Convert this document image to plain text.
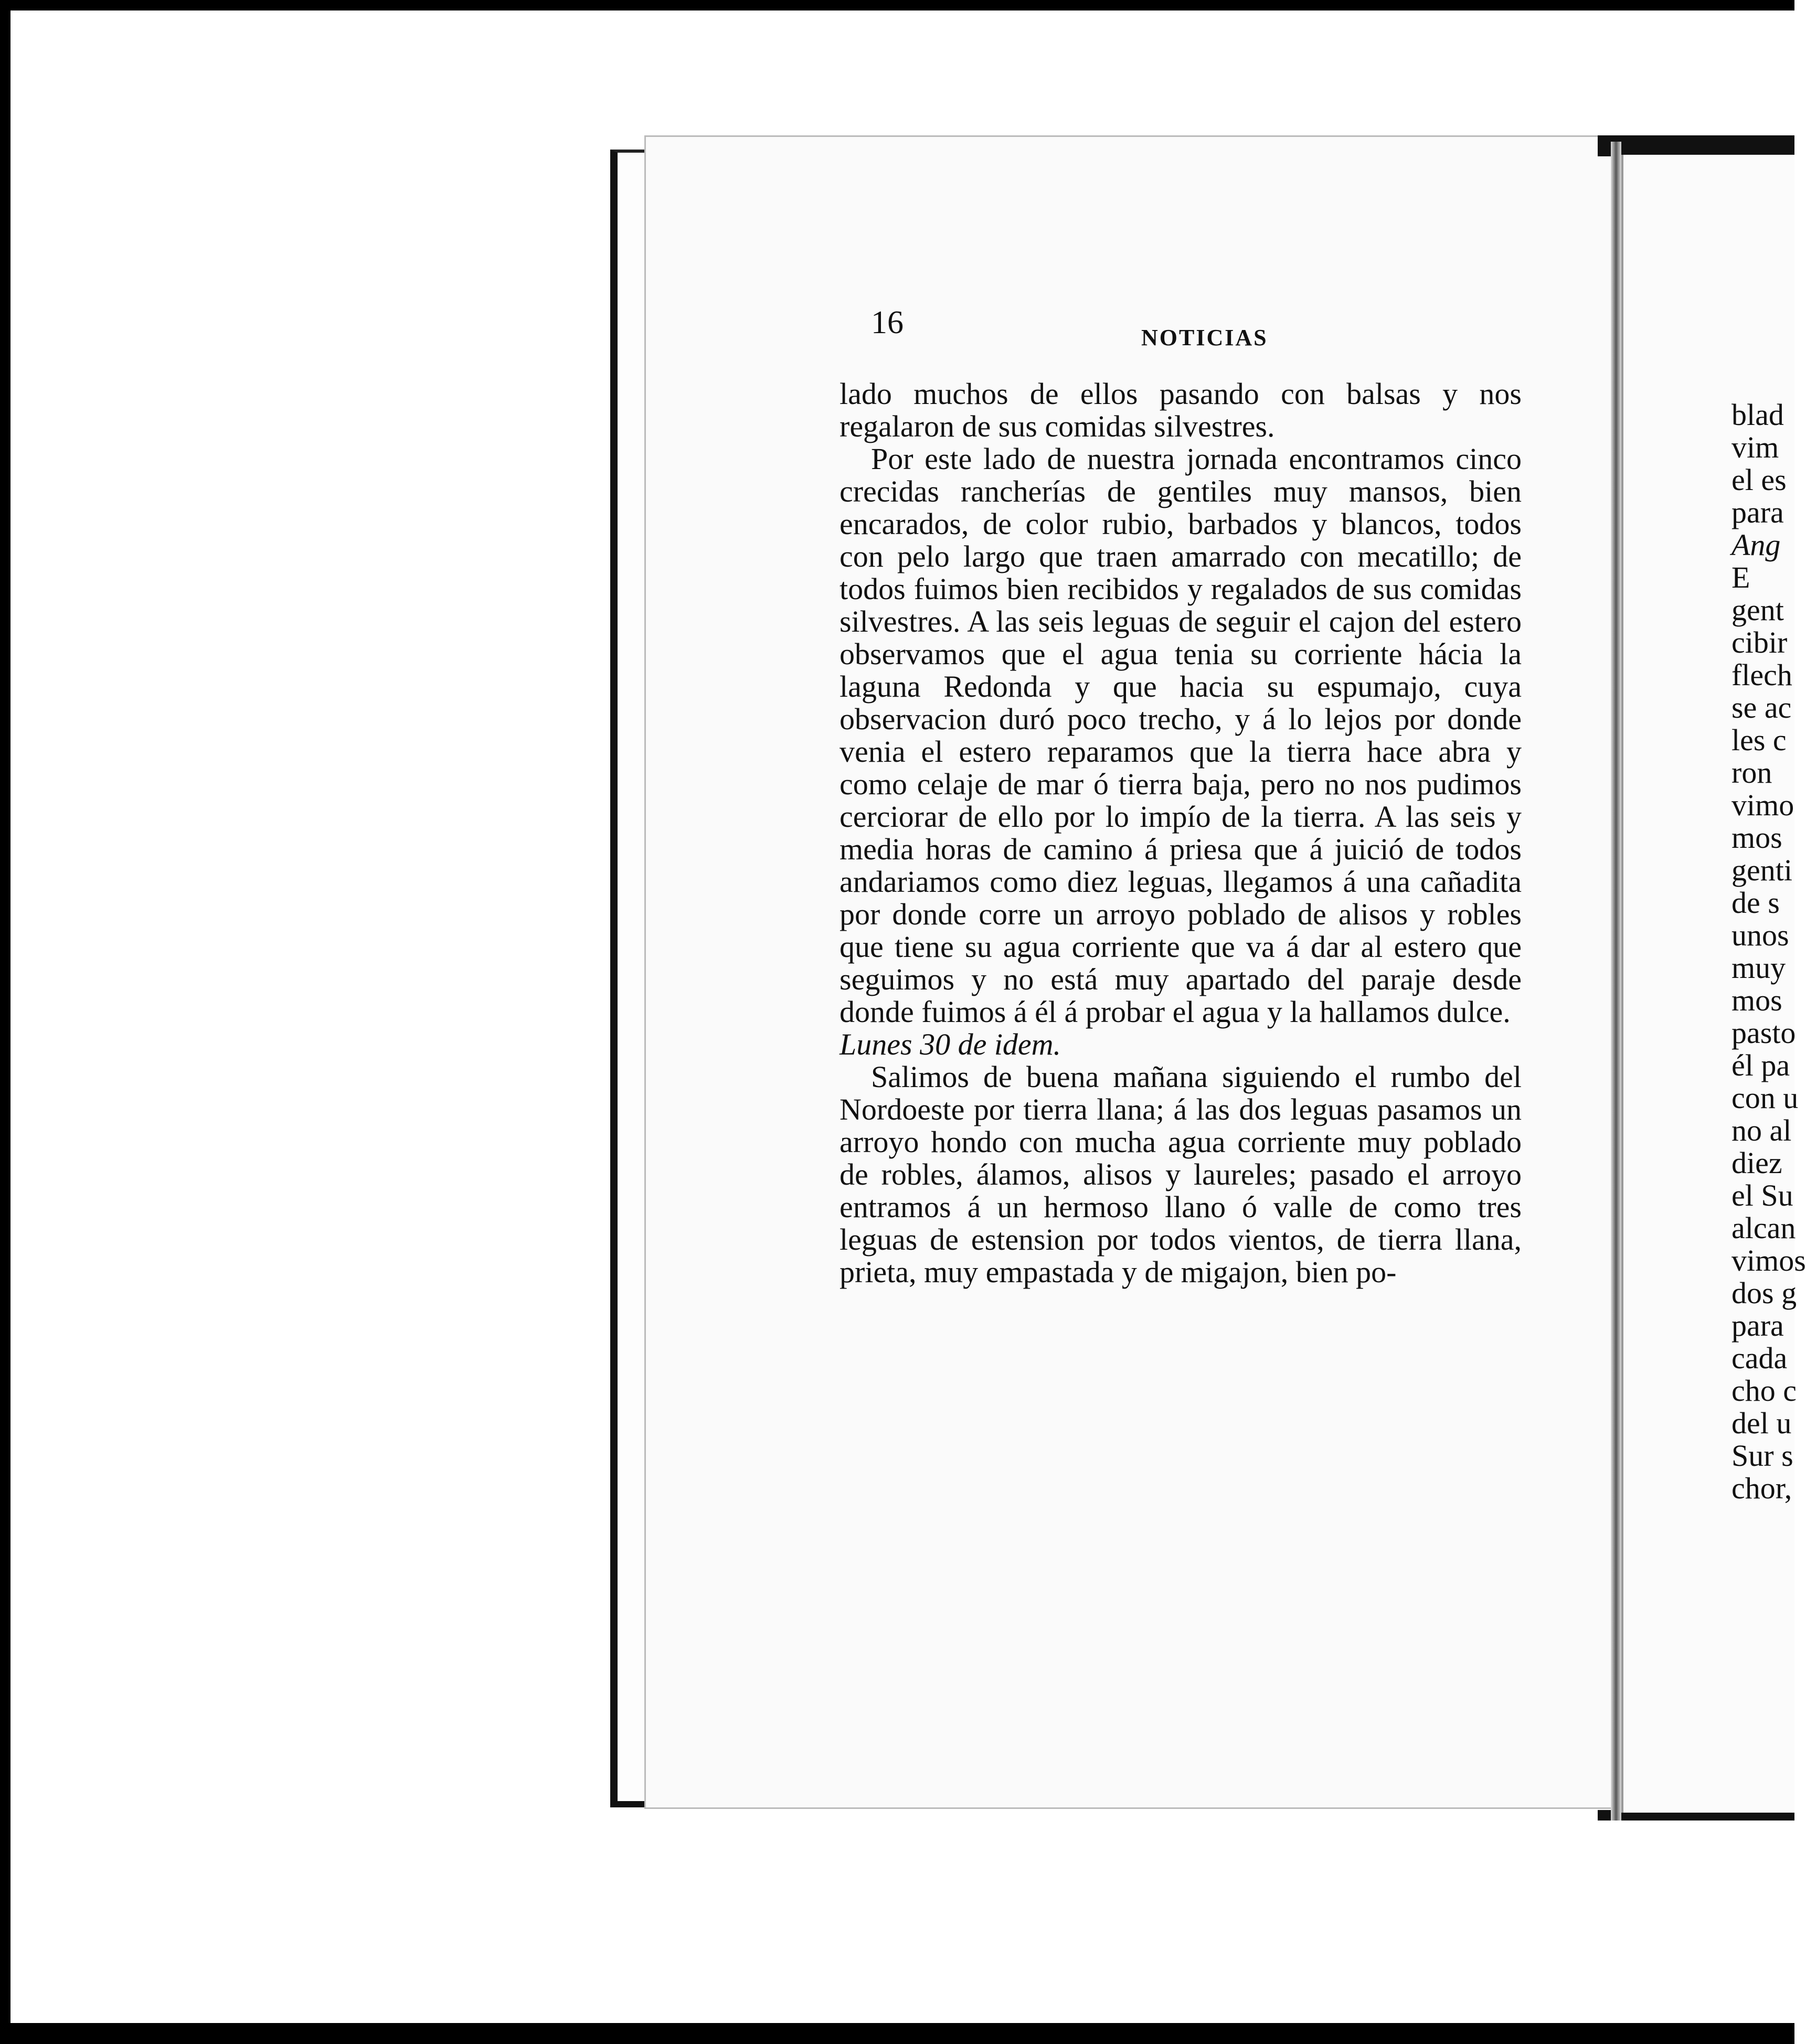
16	NOTICIAS

lado muchos de ellos pasando con balsas y nos regalaron de sus comidas silvestres.

Por este lado de nuestra jornada encontramos cinco crecidas rancherías de gentiles muy mansos, bien encarados, de color rubio, barbados y blancos, todos con pelo largo que traen amarrado con mecatillo; de todos fuimos bien recibidos y regalados de sus comidas silvestres. A las seis leguas de seguir el cajon del estero observamos que el agua tenia su corriente hácia la laguna Redonda y que hacia su espumajo, cuya observacion duró poco trecho, y á lo lejos por donde venia el estero reparamos que la tierra hace abra y como celaje de mar ó tierra baja, pero no nos pudimos cerciorar de ello por lo impío de la tierra. A las seis y media horas de camino á priesa que á juició de todos andariamos como diez leguas, llegamos á una cañadita por donde corre un arroyo poblado de alisos y robles que tiene su agua corriente que va á dar al estero que seguimos y no está muy apartado del paraje desde donde fuimos á él á probar el agua y la hallamos dulce.

Lunes 30 de idem.

Salimos de buena mañana siguiendo el rumbo del Nordoeste por tierra llana; á las dos leguas pasamos un arroyo hondo con mucha agua corriente muy poblado de robles, álamos, alisos y laureles; pasado el arroyo entramos á un hermoso llano ó valle de como tres leguas de estension por todos vientos, de tierra llana, prieta, muy empastada y de migajon, bien po-

blad
vim
el es
para
Ang
E
gent
cibir
flech
se ac
les c
ron
vimo
mos
genti
de s
unos
muy
mos
pasto
él pa
con u
no al
diez
el Su
alcan
vimos
dos g
para
cada
cho c
del u
Sur s
chor,
